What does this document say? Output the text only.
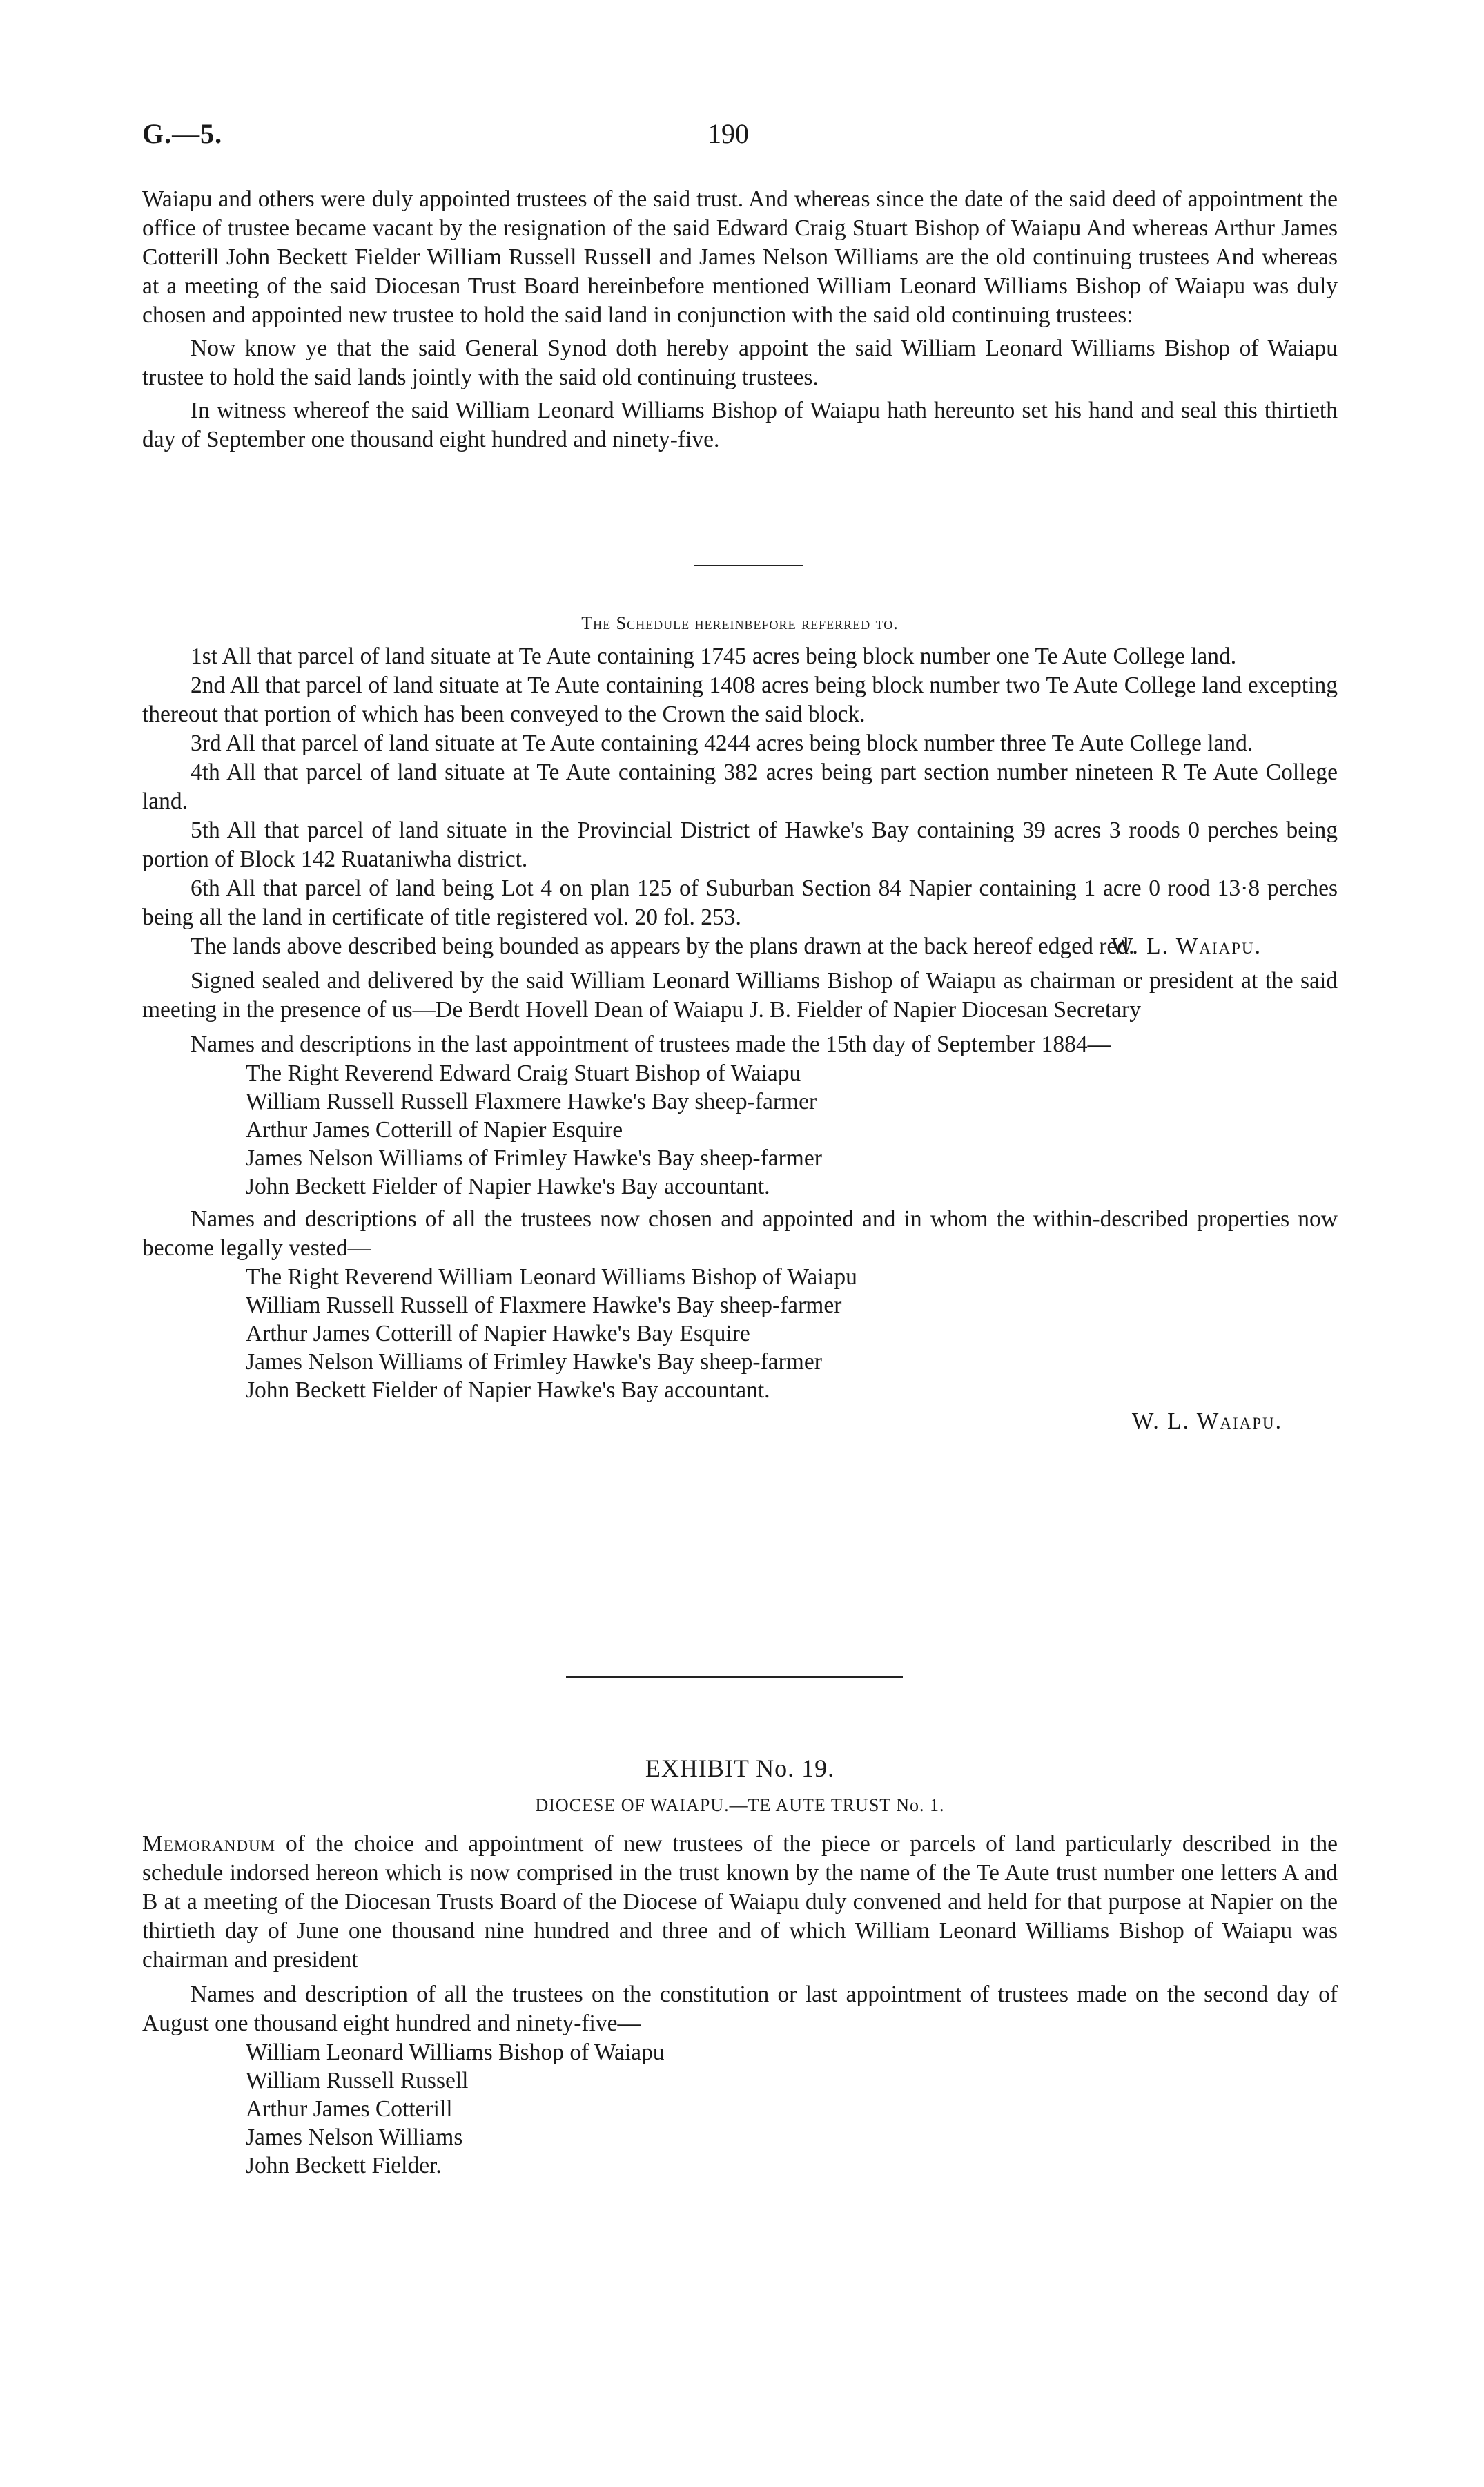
G.—5.	190

Waiapu and others were duly appointed trustees of the said trust. And whereas since the date of the said deed of appointment the office of trustee became vacant by the resignation of the said Edward Craig Stuart Bishop of Waiapu And whereas Arthur James Cotterill John Beckett Fielder William Russell Russell and James Nelson Williams are the old continuing trustees And whereas at a meeting of the said Diocesan Trust Board hereinbefore mentioned William Leonard Williams Bishop of Waiapu was duly chosen and appointed new trustee to hold the said land in conjunction with the said old continuing trustees:

Now know ye that the said General Synod doth hereby appoint the said William Leonard Williams Bishop of Waiapu trustee to hold the said lands jointly with the said old continuing trustees.

In witness whereof the said William Leonard Williams Bishop of Waiapu hath hereunto set his hand and seal this thirtieth day of September one thousand eight hundred and ninety-five.

The Schedule hereinbefore referred to.

1st All that parcel of land situate at Te Aute containing 1745 acres being block number one Te Aute College land.

2nd All that parcel of land situate at Te Aute containing 1408 acres being block number two Te Aute College land excepting thereout that portion of which has been conveyed to the Crown the said block.

3rd All that parcel of land situate at Te Aute containing 4244 acres being block number three Te Aute College land.

4th All that parcel of land situate at Te Aute containing 382 acres being part section number nineteen R Te Aute College land.

5th All that parcel of land situate in the Provincial District of Hawke's Bay containing 39 acres 3 roods 0 perches being portion of Block 142 Ruataniwha district.

6th All that parcel of land being Lot 4 on plan 125 of Suburban Section 84 Napier containing 1 acre 0 rood 13·8 perches being all the land in certificate of title registered vol. 20 fol. 253.

The lands above described being bounded as appears by the plans drawn at the back hereof edged red.

W. L. Waiapu.

Signed sealed and delivered by the said William Leonard Williams Bishop of Waiapu as chairman or president at the said meeting in the presence of us—De Berdt Hovell Dean of Waiapu J. B. Fielder of Napier Diocesan Secretary

Names and descriptions in the last appointment of trustees made the 15th day of September 1884—

The Right Reverend Edward Craig Stuart Bishop of Waiapu
William Russell Russell Flaxmere Hawke's Bay sheep-farmer
Arthur James Cotterill of Napier Esquire
James Nelson Williams of Frimley Hawke's Bay sheep-farmer
John Beckett Fielder of Napier Hawke's Bay accountant.

Names and descriptions of all the trustees now chosen and appointed and in whom the within-described properties now become legally vested—

The Right Reverend William Leonard Williams Bishop of Waiapu
William Russell Russell of Flaxmere Hawke's Bay sheep-farmer
Arthur James Cotterill of Napier Hawke's Bay Esquire
James Nelson Williams of Frimley Hawke's Bay sheep-farmer
John Beckett Fielder of Napier Hawke's Bay accountant.
W. L. Waiapu.
EXHIBIT No. 19.
DIOCESE OF WAIAPU.—TE AUTE TRUST No. 1.

Memorandum of the choice and appointment of new trustees of the piece or parcels of land particularly described in the schedule indorsed hereon which is now comprised in the trust known by the name of the Te Aute trust number one letters A and B at a meeting of the Diocesan Trusts Board of the Diocese of Waiapu duly convened and held for that purpose at Napier on the thirtieth day of June one thousand nine hundred and three and of which William Leonard Williams Bishop of Waiapu was chairman and president

Names and description of all the trustees on the constitution or last appointment of trustees made on the second day of August one thousand eight hundred and ninety-five—

William Leonard Williams Bishop of Waiapu
William Russell Russell
Arthur James Cotterill
James Nelson Williams
John Beckett Fielder.
